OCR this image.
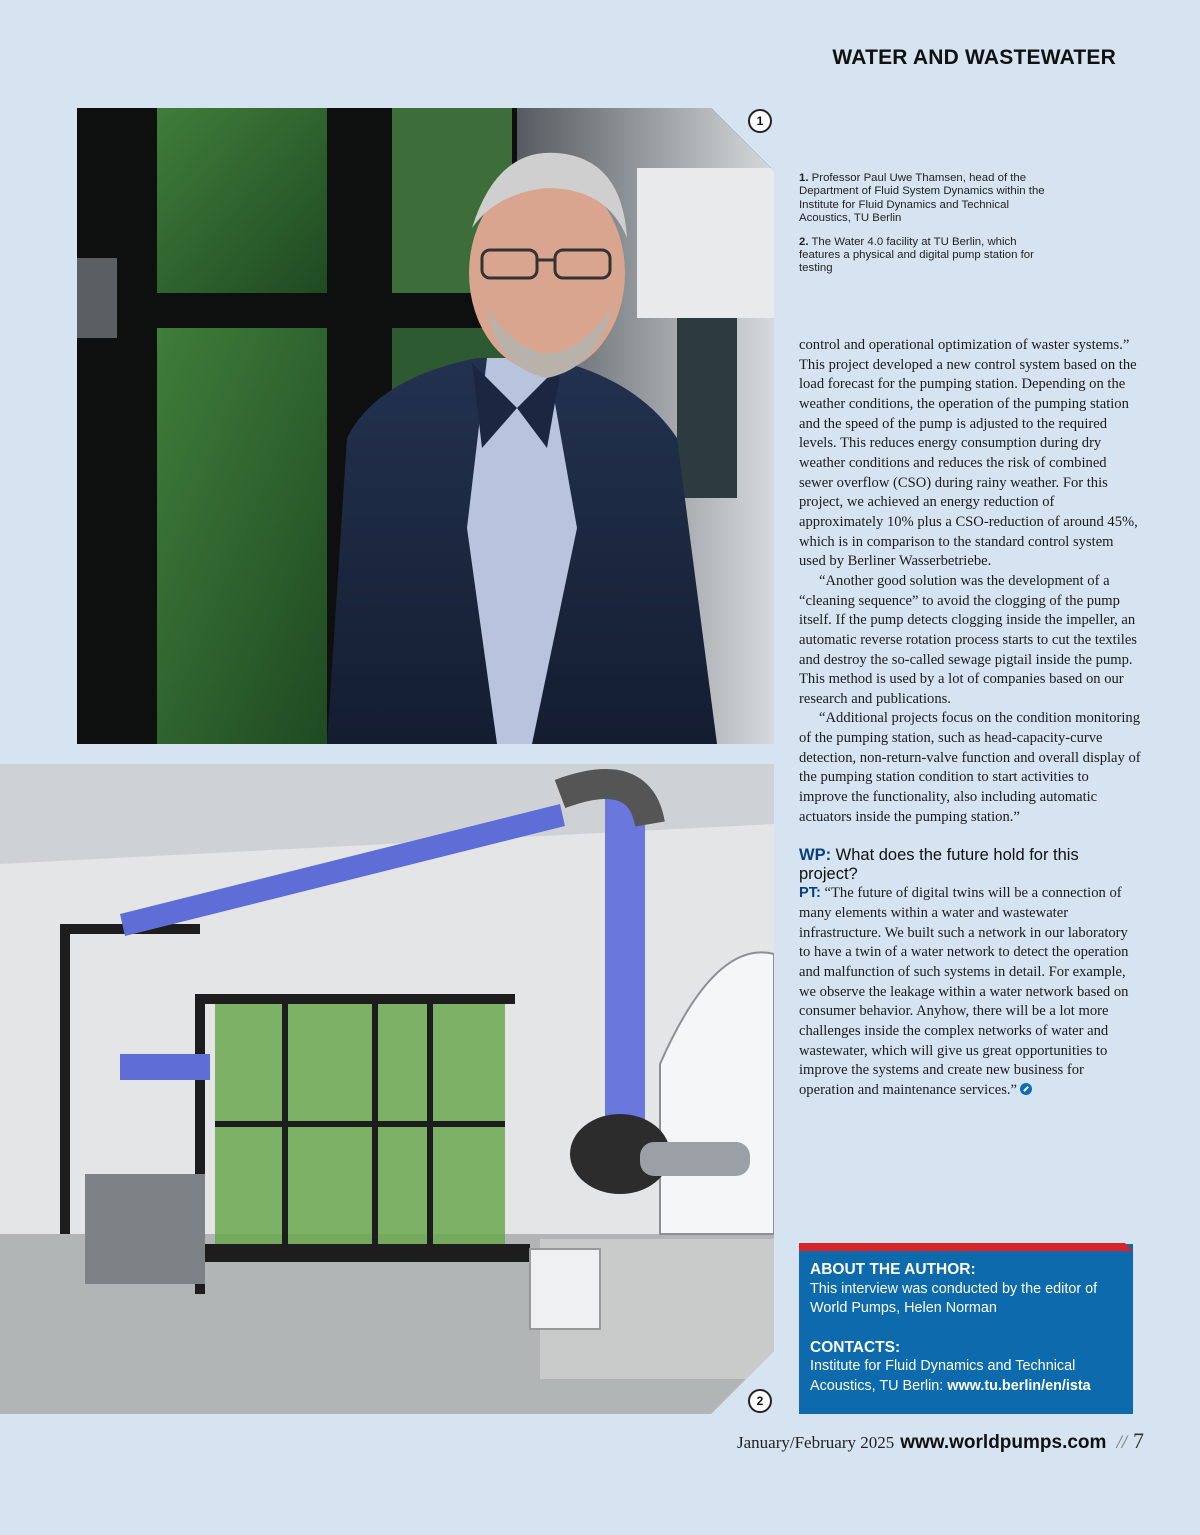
WATER AND WASTEWATER
1

1. Professor Paul Uwe Thamsen, head of the Department of Fluid System Dynamics within the Institute for Fluid Dynamics and Technical Acoustics, TU Berlin

2. The Water 4.0 facility at TU Berlin, which features a physical and digital pump station for testing

2

control and operational optimization of waster systems.” This project developed a new control system based on the load forecast for the pumping station. Depending on the weather conditions, the operation of the pumping station and the speed of the pump is adjusted to the required levels. This reduces energy consumption during dry weather conditions and reduces the risk of combined sewer overflow (CSO) during rainy weather. For this project, we achieved an energy reduction of approximately 10% plus a CSO-reduction of around 45%, which is in comparison to the standard control system used by Berliner Wasserbetriebe.

“Another good solution was the development of a “cleaning sequence” to avoid the clogging of the pump itself. If the pump detects clogging inside the impeller, an automatic reverse rotation process starts to cut the textiles and destroy the so-called sewage pigtail inside the pump. This method is used by a lot of companies based on our research and publications.

“Additional projects focus on the condition monitoring of the pumping station, such as head-capacity-curve detection, non-return-valve function and overall display of the pumping station condition to start activities to improve the functionality, also including automatic actuators inside the pumping station.”

WP: What does the future hold for this project?

PT: “The future of digital twins will be a connection of many elements within a water and wastewater infrastructure. We built such a network in our laboratory to have a twin of a water network to detect the operation and malfunction of such systems in detail. For example, we observe the leakage within a water network based on consumer behavior. Anyhow, there will be a lot more challenges inside the complex networks of water and wastewater, which will give us great opportunities to improve the systems and create new business for operation and maintenance services.”

ABOUT THE AUTHOR:

This interview was conducted by the editor of World Pumps, Helen Norman

CONTACTS:

Institute for Fluid Dynamics and Technical Acoustics, TU Berlin: www.tu.berlin/en/ista

January/February 2025 www.worldpumps.com // 7
